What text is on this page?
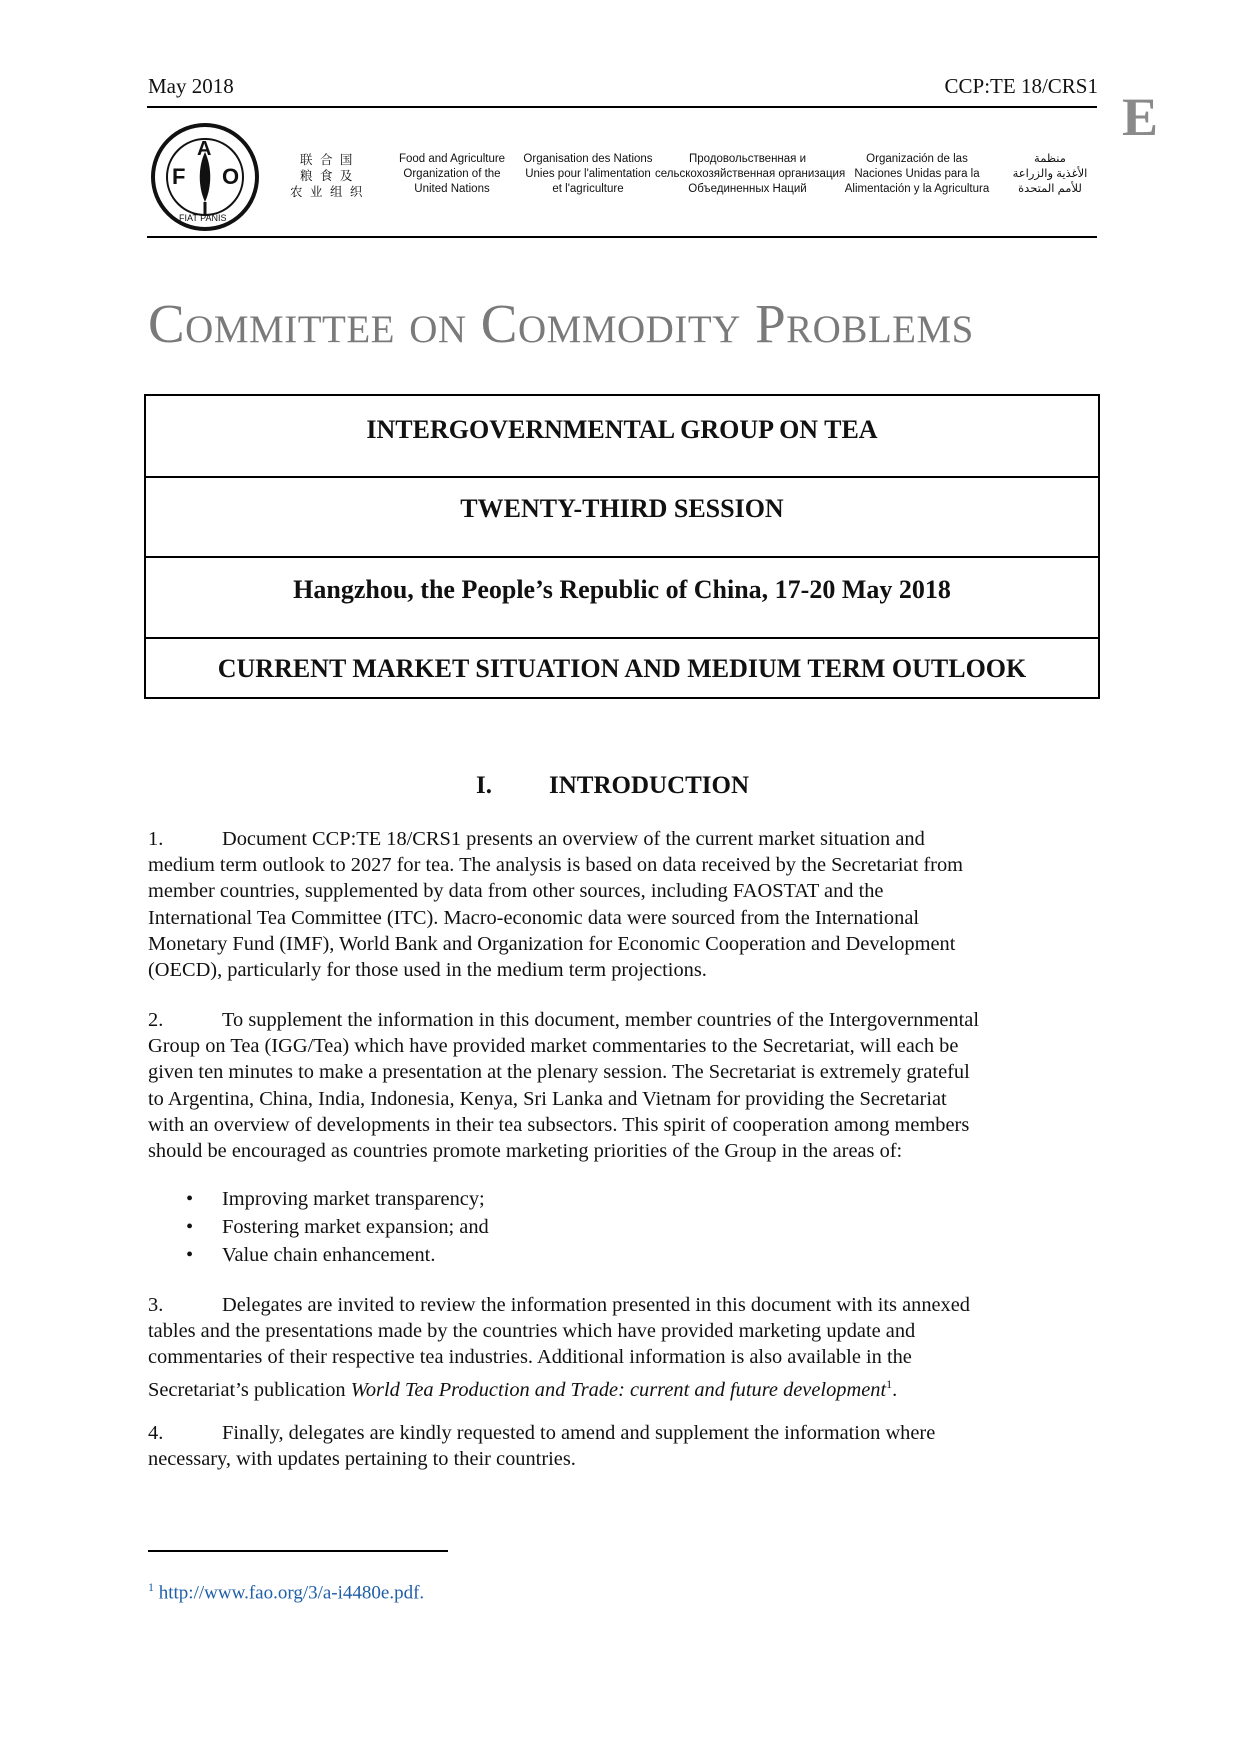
May 2018	CCP:TE 18/CRS1
E
F
A
O
FIAT PANIS
联 合 国
粮 食 及
农 业 组 织
Food and Agriculture
Organization of the
United Nations
Organisation des Nations
Unies pour l'alimentation
et l'agriculture
Продовольственная и
сельскохозяйственная организация
Объединенных Наций
Organización de las
Naciones Unidas para la
Alimentación y la Agricultura
منظمة
الأغذية والزراعة
للأمم المتحدة
Committee on Commodity Problems
INTERGOVERNMENTAL GROUP ON TEA
TWENTY-THIRD SESSION
Hangzhou, the People’s Republic of China, 17-20 May 2018
CURRENT MARKET SITUATION AND MEDIUM TERM OUTLOOK
I. INTRODUCTION
1.	Document CCP:TE 18/CRS1 presents an overview of the current market situation and
medium term outlook to 2027 for tea. The analysis is based on data received by the Secretariat from
member countries, supplemented by data from other sources, including FAOSTAT and the
International Tea Committee (ITC). Macro-economic data were sourced from the International
Monetary Fund (IMF), World Bank and Organization for Economic Cooperation and Development
(OECD), particularly for those used in the medium term projections.
2.	To supplement the information in this document, member countries of the Intergovernmental
Group on Tea (IGG/Tea) which have provided market commentaries to the Secretariat, will each be
given ten minutes to make a presentation at the plenary session. The Secretariat is extremely grateful
to Argentina, China, India, Indonesia, Kenya, Sri Lanka and Vietnam for providing the Secretariat
with an overview of developments in their tea subsectors. This spirit of cooperation among members
should be encouraged as countries promote marketing priorities of the Group in the areas of:
• Improving market transparency;
• Fostering market expansion; and
• Value chain enhancement.
3.	Delegates are invited to review the information presented in this document with its annexed
tables and the presentations made by the countries which have provided marketing update and
commentaries of their respective tea industries. Additional information is also available in the
Secretariat’s publication World Tea Production and Trade: current and future development$^1$.
4.	Finally, delegates are kindly requested to amend and supplement the information where
necessary, with updates pertaining to their countries.
$^1$ http://www.fao.org/3/a-i4480e.pdf.
